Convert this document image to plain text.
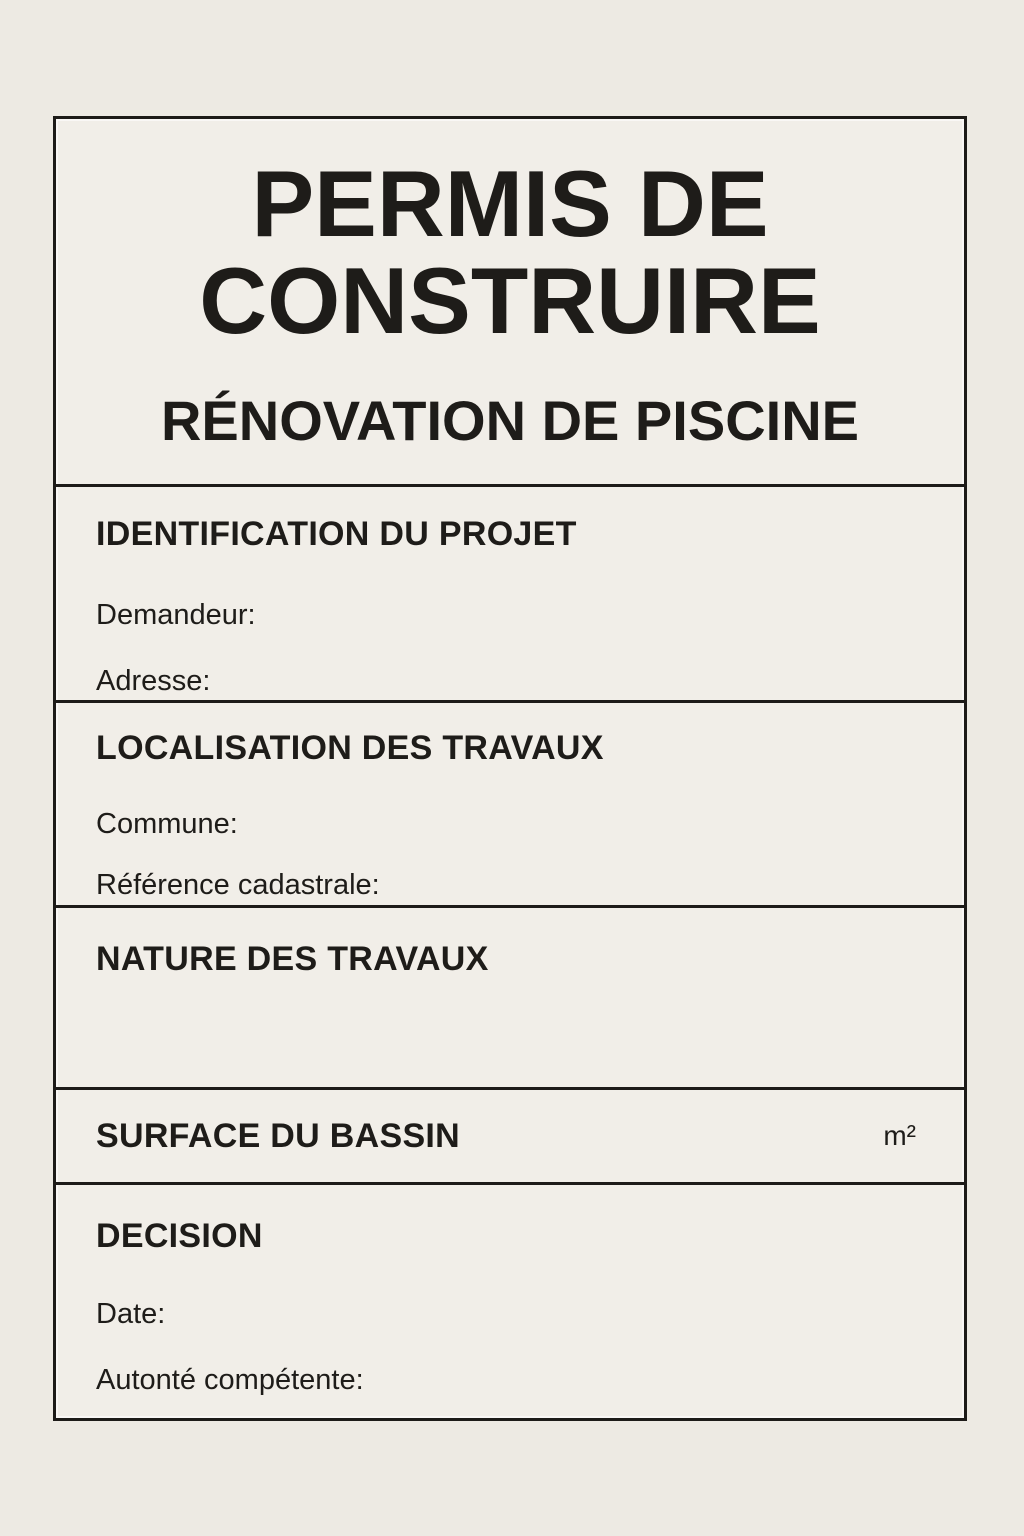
PERMIS DE
CONSTRUIRE
RÉNOVATION DE PISCINE
IDENTIFICATION DU PROJET
Demandeur:
Adresse:
LOCALISATION DES TRAVAUX
Commune:
Référence cadastrale:
NATURE DES TRAVAUX
SURFACE DU BASSIN	m²
DECISION
Date:
Autonté compétente:
